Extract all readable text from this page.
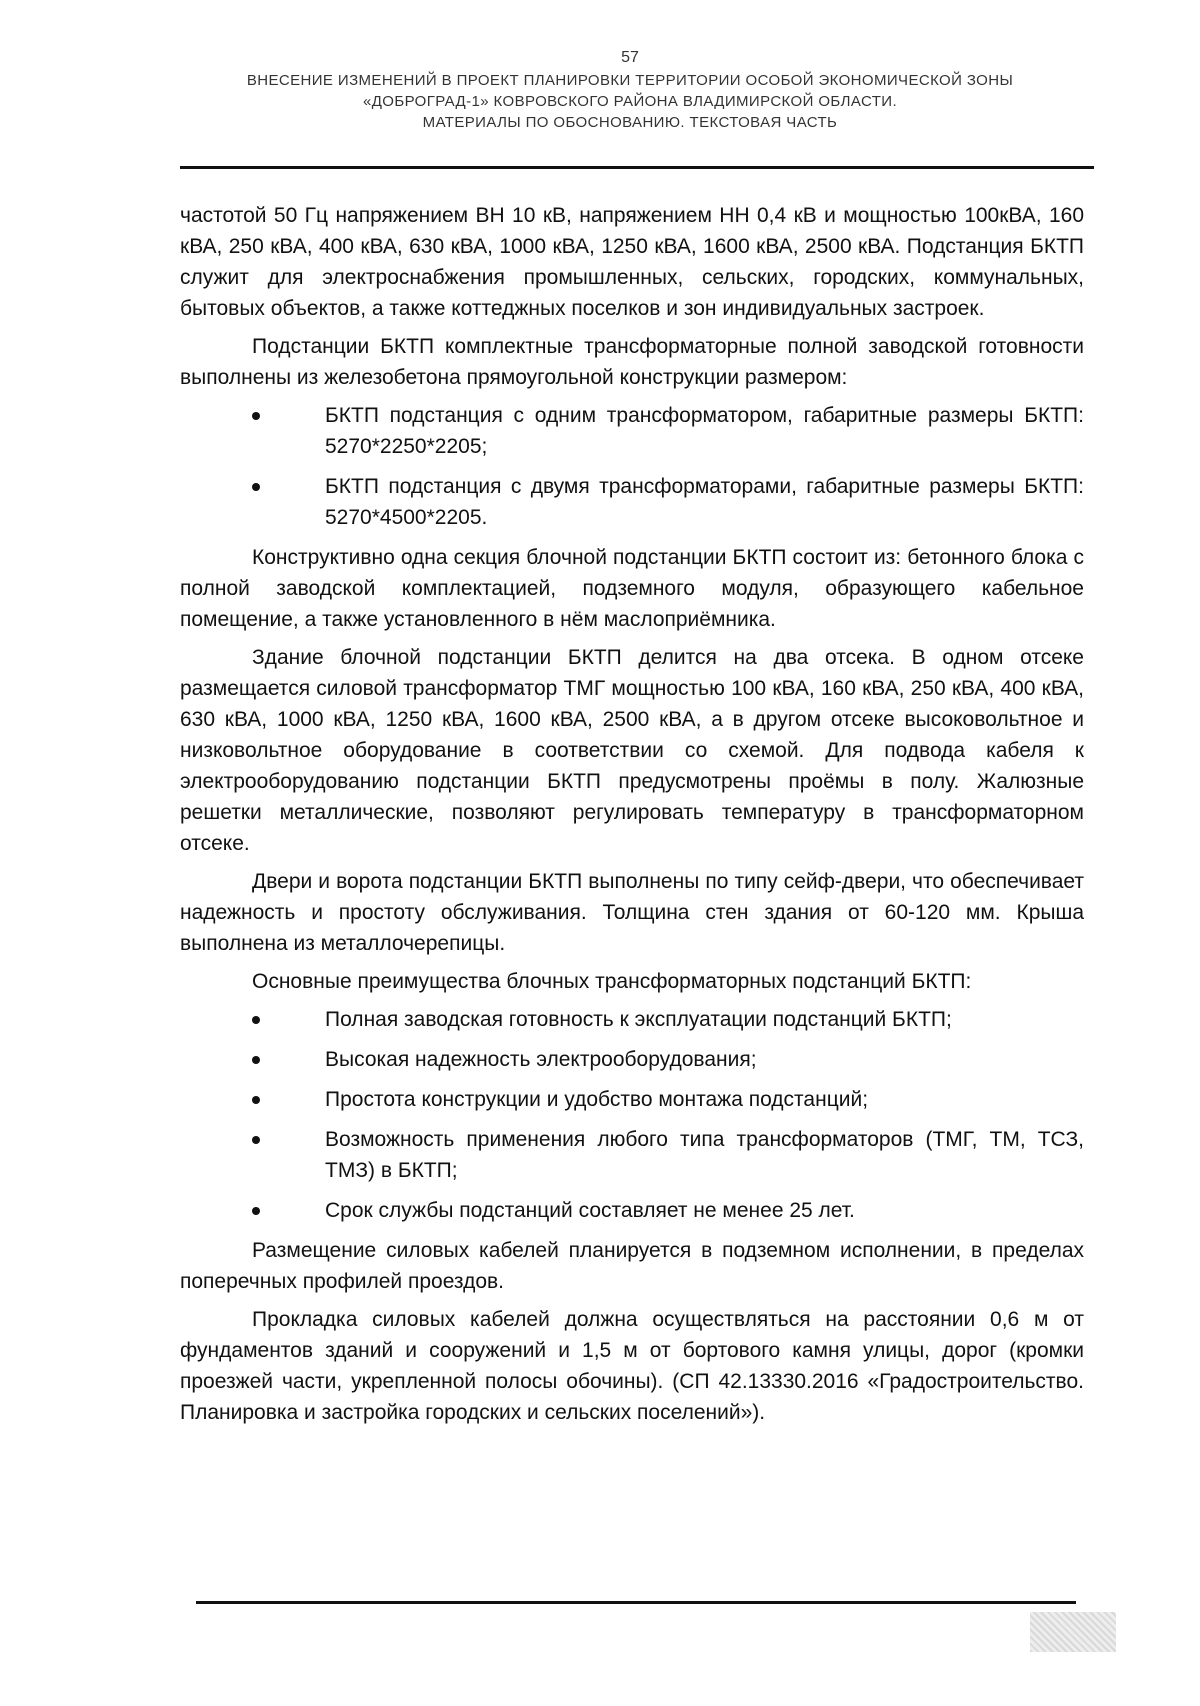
57
ВНЕСЕНИЕ ИЗМЕНЕНИЙ В ПРОЕКТ ПЛАНИРОВКИ ТЕРРИТОРИИ ОСОБОЙ ЭКОНОМИЧЕСКОЙ ЗОНЫ
«ДОБРОГРАД-1» КОВРОВСКОГО РАЙОНА ВЛАДИМИРСКОЙ ОБЛАСТИ.
МАТЕРИАЛЫ ПО ОБОСНОВАНИЮ. ТЕКСТОВАЯ ЧАСТЬ

частотой 50 Гц напряжением ВН 10 кВ, напряжением НН 0,4 кВ и мощностью 100кВА, 160 кВА, 250 кВА, 400 кВА, 630 кВА, 1000 кВА, 1250 кВА, 1600 кВА, 2500 кВА. Подстанция БКТП служит для электроснабжения промышленных, сельских, городских, коммунальных, бытовых объектов, а также коттеджных поселков и зон индивидуальных застроек.

Подстанции БКТП комплектные трансформаторные полной заводской готовности выполнены из железобетона прямоугольной конструкции размером:

БКТП подстанция с одним трансформатором, габаритные размеры БКТП: 5270*2250*2205;
БКТП подстанция с двумя трансформаторами, габаритные размеры БКТП: 5270*4500*2205.

Конструктивно одна секция блочной подстанции БКТП состоит из: бетонного блока с полной заводской комплектацией, подземного модуля, образующего кабельное помещение, а также установленного в нём маслоприёмника.

Здание блочной подстанции БКТП делится на два отсека. В одном отсеке размещается силовой трансформатор ТМГ мощностью 100 кВА, 160 кВА, 250 кВА, 400 кВА, 630 кВА, 1000 кВА, 1250 кВА, 1600 кВА, 2500 кВА, а в другом отсеке высоковольтное и низковольтное оборудование в соответствии со схемой. Для подвода кабеля к электрооборудованию подстанции БКТП предусмотрены проёмы в полу. Жалюзные решетки металлические, позволяют регулировать температуру в трансформаторном отсеке.

Двери и ворота подстанции БКТП выполнены по типу сейф-двери, что обеспечивает надежность и простоту обслуживания. Толщина стен здания от 60-120 мм. Крыша выполнена из металлочерепицы.

Основные преимущества блочных трансформаторных подстанций БКТП:

Полная заводская готовность к эксплуатации подстанций БКТП;
Высокая надежность электрооборудования;
Простота конструкции и удобство монтажа подстанций;
Возможность применения любого типа трансформаторов (ТМГ, ТМ, ТСЗ, ТМЗ) в БКТП;
Срок службы подстанций составляет не менее 25 лет.

Размещение силовых кабелей планируется в подземном исполнении, в пределах поперечных профилей проездов.

Прокладка силовых кабелей должна осуществляться на расстоянии 0,6 м от фундаментов зданий и сооружений и 1,5 м от бортового камня улицы, дорог (кромки проезжей части, укрепленной полосы обочины). (СП 42.13330.2016 «Градостроительство. Планировка и застройка городских и сельских поселений»).
